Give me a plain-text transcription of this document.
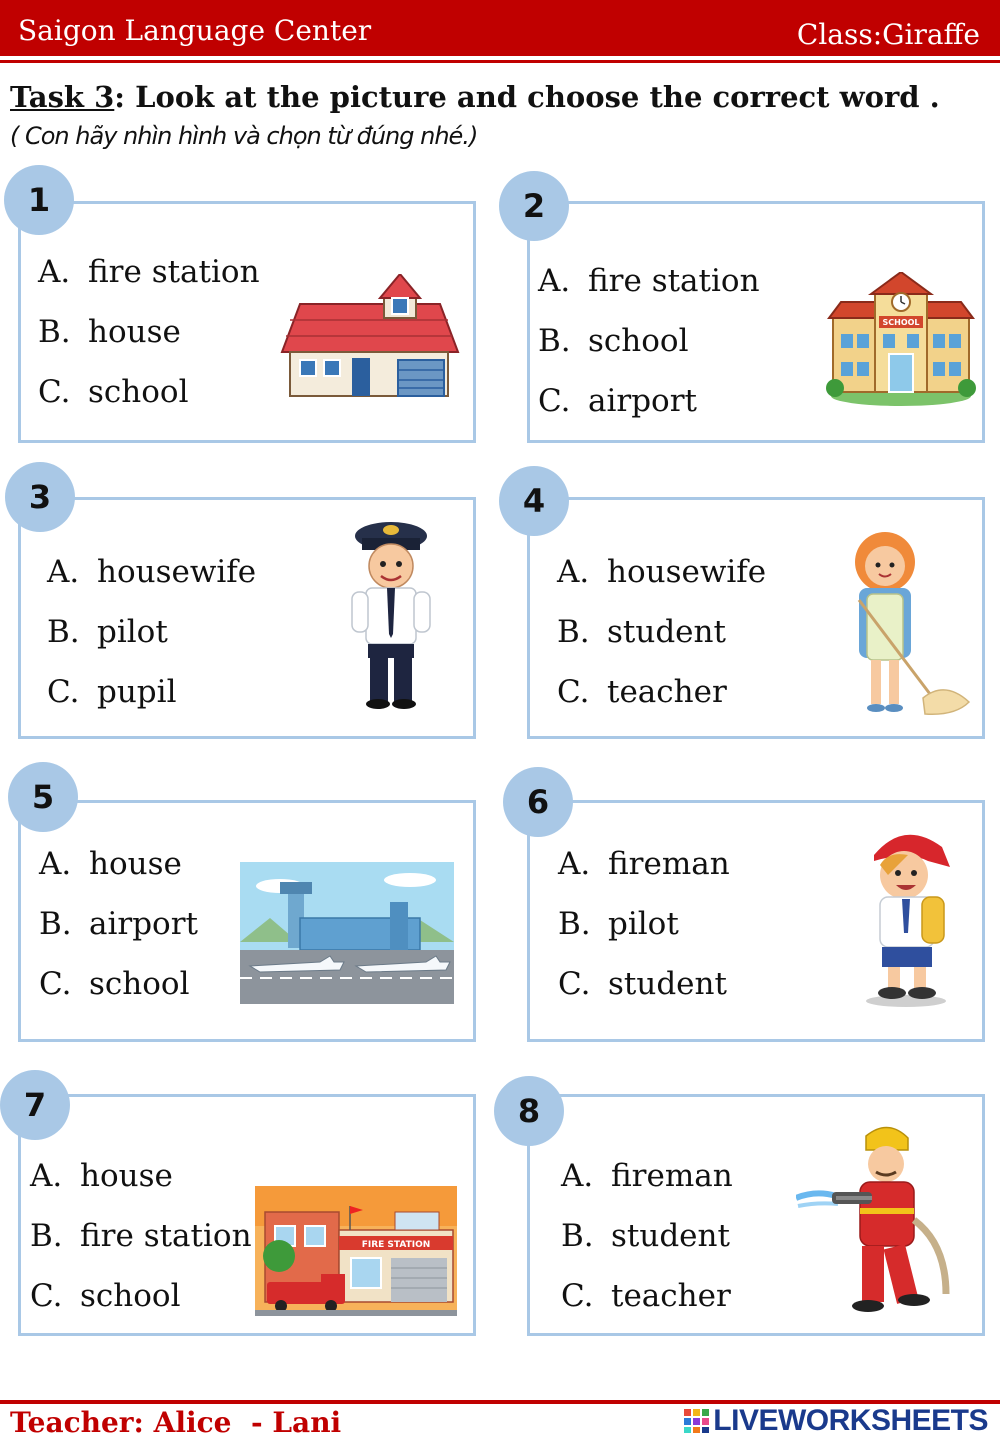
Saigon Language Center	Class:Giraffe
Task 3: Look at the picture and choose the correct word .
( Con hãy nhìn hình và chọn từ đúng nhé.)
1
A. fire station
B. house
C. school
2
A. fire station
B. school
C. airport
SCHOOL
3
A. housewife
B. pilot
C. pupil
4
A. housewife
B. student
C. teacher
5
A. house
B. airport
C. school
6
A. fireman
B. pilot
C. student
7
A. house
B. fire station
C. school
FIRE STATION
8
A. fireman
B. student
C. teacher
Teacher: Alice  - Lani	LIVEWORKSHEETS
